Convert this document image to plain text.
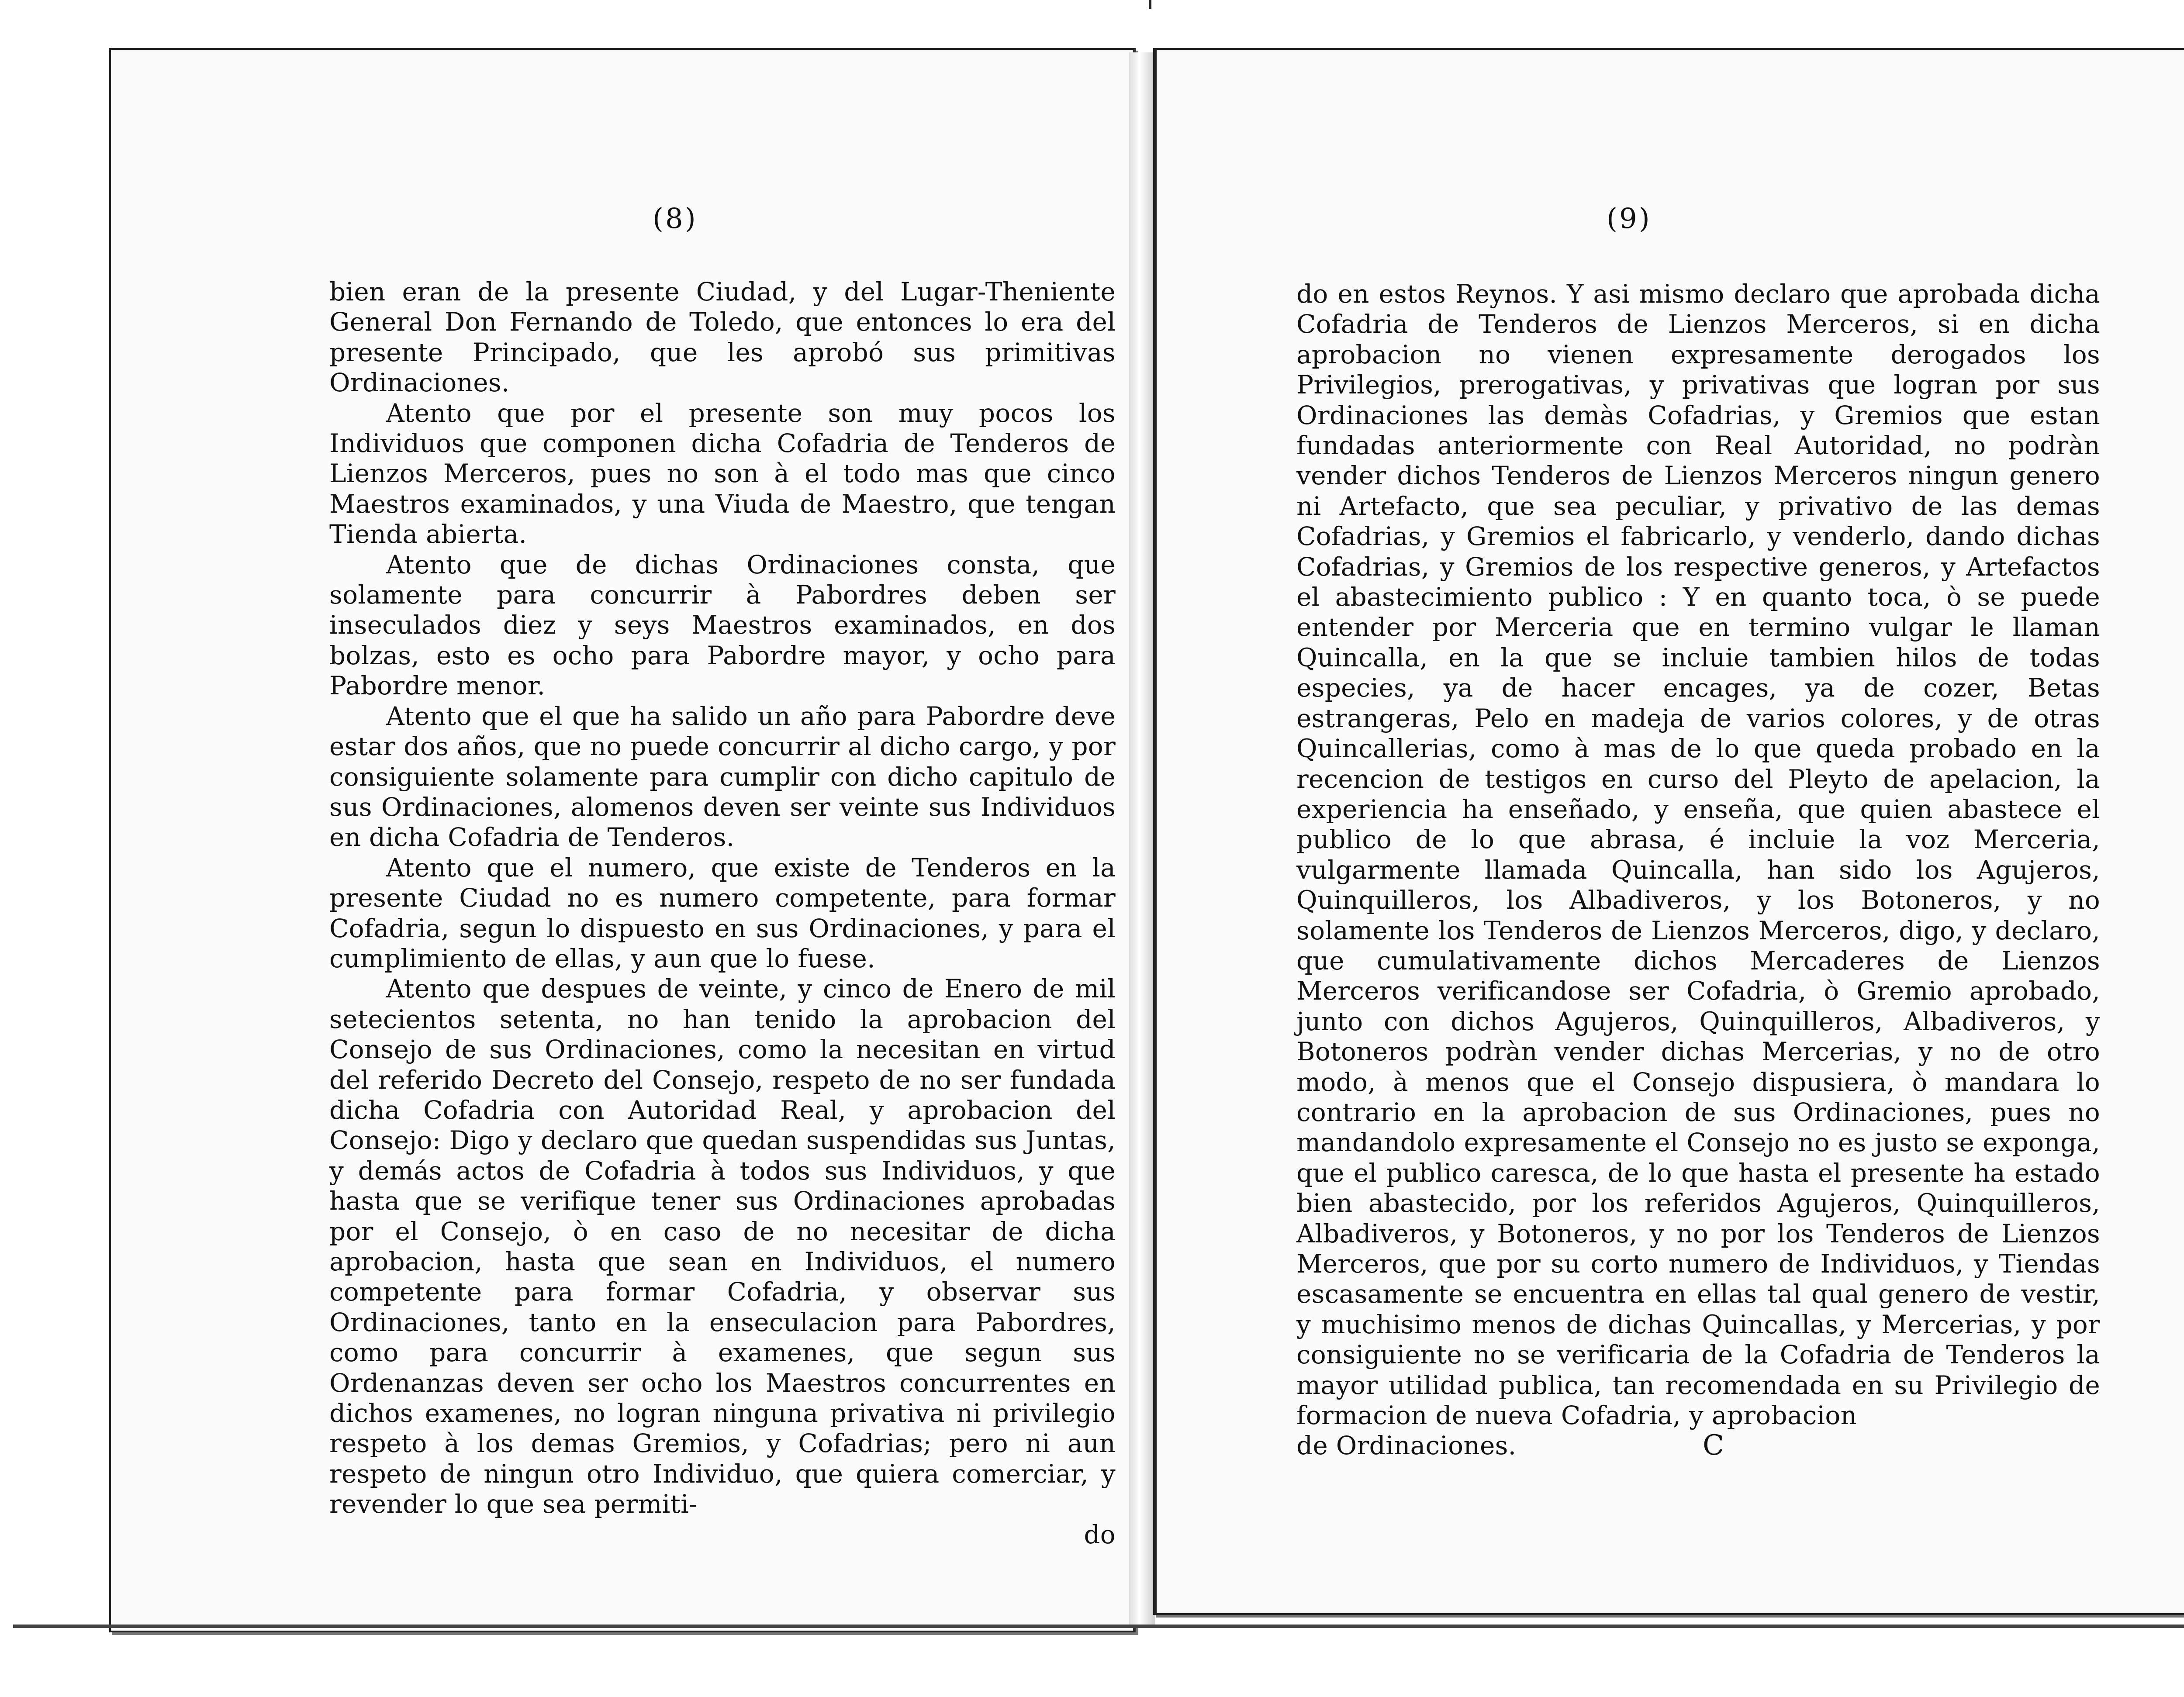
(8)

bien eran de la presente Ciudad, y del Lugar-Theniente General Don Fernando de Toledo, que entonces lo era del presente Principado, que les aprobó sus primitivas Ordinaciones.

Atento que por el presente son muy pocos los Individuos que componen dicha Cofadria de Tenderos de Lienzos Merceros, pues no son à el todo mas que cinco Maestros examinados, y una Viuda de Maestro, que tengan Tienda abierta.

Atento que de dichas Ordinaciones consta, que solamente para concurrir à Pabordres deben ser inseculados diez y seys Maestros examinados, en dos bolzas, esto es ocho para Pabordre mayor, y ocho para Pabordre menor.

Atento que el que ha salido un año para Pabordre deve estar dos años, que no puede concurrir al dicho cargo, y por consiguiente solamente para cumplir con dicho capitulo de sus Ordinaciones, alomenos deven ser veinte sus Individuos en dicha Cofadria de Tenderos.

Atento que el numero, que existe de Tenderos en la presente Ciudad no es numero competente, para formar Cofadria, segun lo dispuesto en sus Ordinaciones, y para el cumplimiento de ellas, y aun que lo fuese.

Atento que despues de veinte, y cinco de Enero de mil setecientos setenta, no han tenido la aprobacion del Consejo de sus Ordinaciones, como la necesitan en virtud del referido Decreto del Consejo, respeto de no ser fundada dicha Cofadria con Autoridad Real, y aprobacion del Consejo: Digo y declaro que quedan suspendidas sus Juntas, y demás actos de Cofadria à todos sus Individuos, y que hasta que se verifique tener sus Ordinaciones aprobadas por el Consejo, ò en caso de no necesitar de dicha aprobacion, hasta que sean en Individuos, el numero competente para formar Cofadria, y observar sus Ordinaciones, tanto en la enseculacion para Pabordres, como para concurrir à examenes, que segun sus Ordenanzas deven ser ocho los Maestros concurrentes en dichos examenes, no logran ninguna privativa ni privilegio respeto à los demas Gremios, y Cofadrias; pero ni aun respeto de ningun otro Individuo, que quiera comerciar, y revender lo que sea permiti-

do

(9)

do en estos Reynos. Y asi mismo declaro que aprobada dicha Cofadria de Tenderos de Lienzos Merceros, si en dicha aprobacion no vienen expresamente derogados los Privilegios, prerogativas, y privativas que logran por sus Ordinaciones las demàs Cofadrias, y Gremios que estan fundadas anteriormente con Real Autoridad, no podràn vender dichos Tenderos de Lienzos Merceros ningun genero ni Artefacto, que sea peculiar, y privativo de las demas Cofadrias, y Gremios el fabricarlo, y venderlo, dando dichas Cofadrias, y Gremios de los respective generos, y Artefactos el abastecimiento publico : Y en quanto toca, ò se puede entender por Merceria que en termino vulgar le llaman Quincalla, en la que se incluie tambien hilos de todas especies, ya de hacer encages, ya de cozer, Betas estrangeras, Pelo en madeja de varios colores, y de otras Quincallerias, como à mas de lo que queda probado en la recencion de testigos en curso del Pleyto de apelacion, la experiencia ha enseñado, y enseña, que quien abastece el publico de lo que abrasa, é incluie la voz Merceria, vulgarmente llamada Quincalla, han sido los Agujeros, Quinquilleros, los Albadiveros, y los Botoneros, y no solamente los Tenderos de Lienzos Merceros, digo, y declaro, que cumulativamente dichos Mercaderes de Lienzos Merceros verificandose ser Cofadria, ò Gremio aprobado, junto con dichos Agujeros, Quinquilleros, Albadiveros, y Botoneros podràn vender dichas Mercerias, y no de otro modo, à menos que el Consejo dispusiera, ò mandara lo contrario en la aprobacion de sus Ordinaciones, pues no mandandolo expresamente el Consejo no es justo se exponga, que el publico caresca, de lo que hasta el presente ha estado bien abastecido, por los referidos Agujeros, Quinquilleros, Albadiveros, y Botoneros, y no por los Tenderos de Lienzos Merceros, que por su corto numero de Individuos, y Tiendas escasamente se encuentra en ellas tal qual genero de vestir, y muchisimo menos de dichas Quincallas, y Mercerias, y por consiguiente no se verificaria de la Cofadria de Tenderos la mayor utilidad publica, tan recomendada en su Privilegio de formacion de nueva Cofadria, y aprobacion

de Ordinaciones.	C
